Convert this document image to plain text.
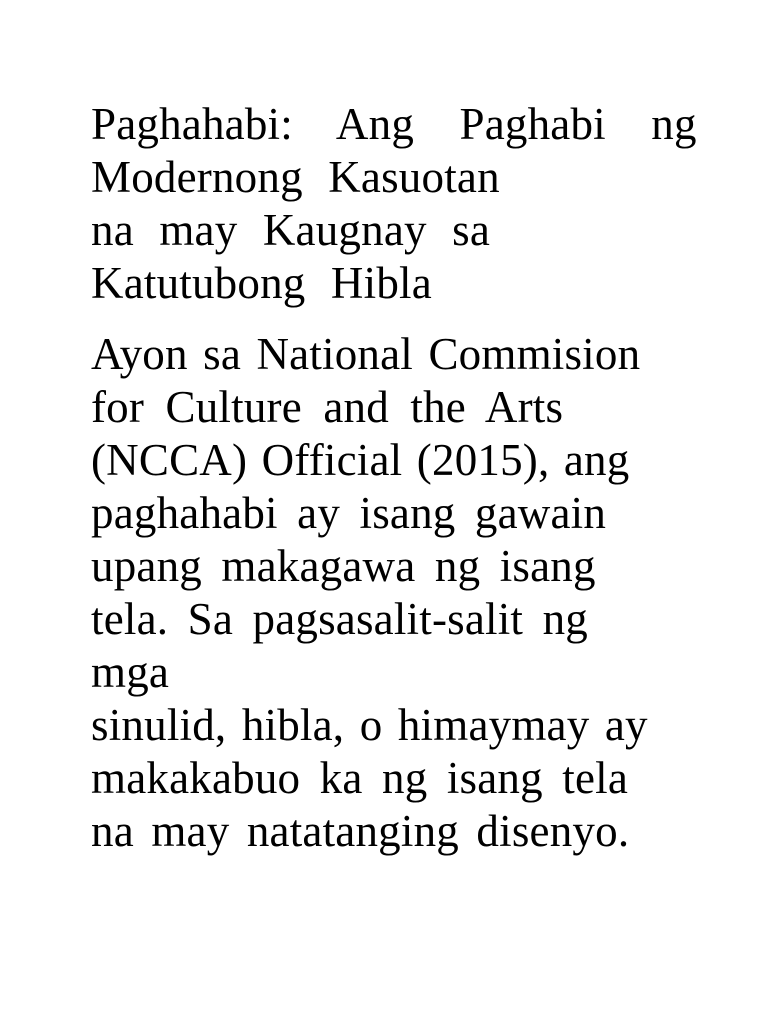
Paghahabi: Ang Paghabi ng
Modernong Kasuotan
na may Kaugnay sa
Katutubong Hibla
Ayon sa National Commision
for Culture and the Arts
(NCCA) Official (2015), ang
paghahabi ay isang gawain
upang makagawa ng isang
tela. Sa pagsasalit-salit ng
mga
sinulid, hibla, o himaymay ay
makakabuo ka ng isang tela
na may natatanging disenyo.
